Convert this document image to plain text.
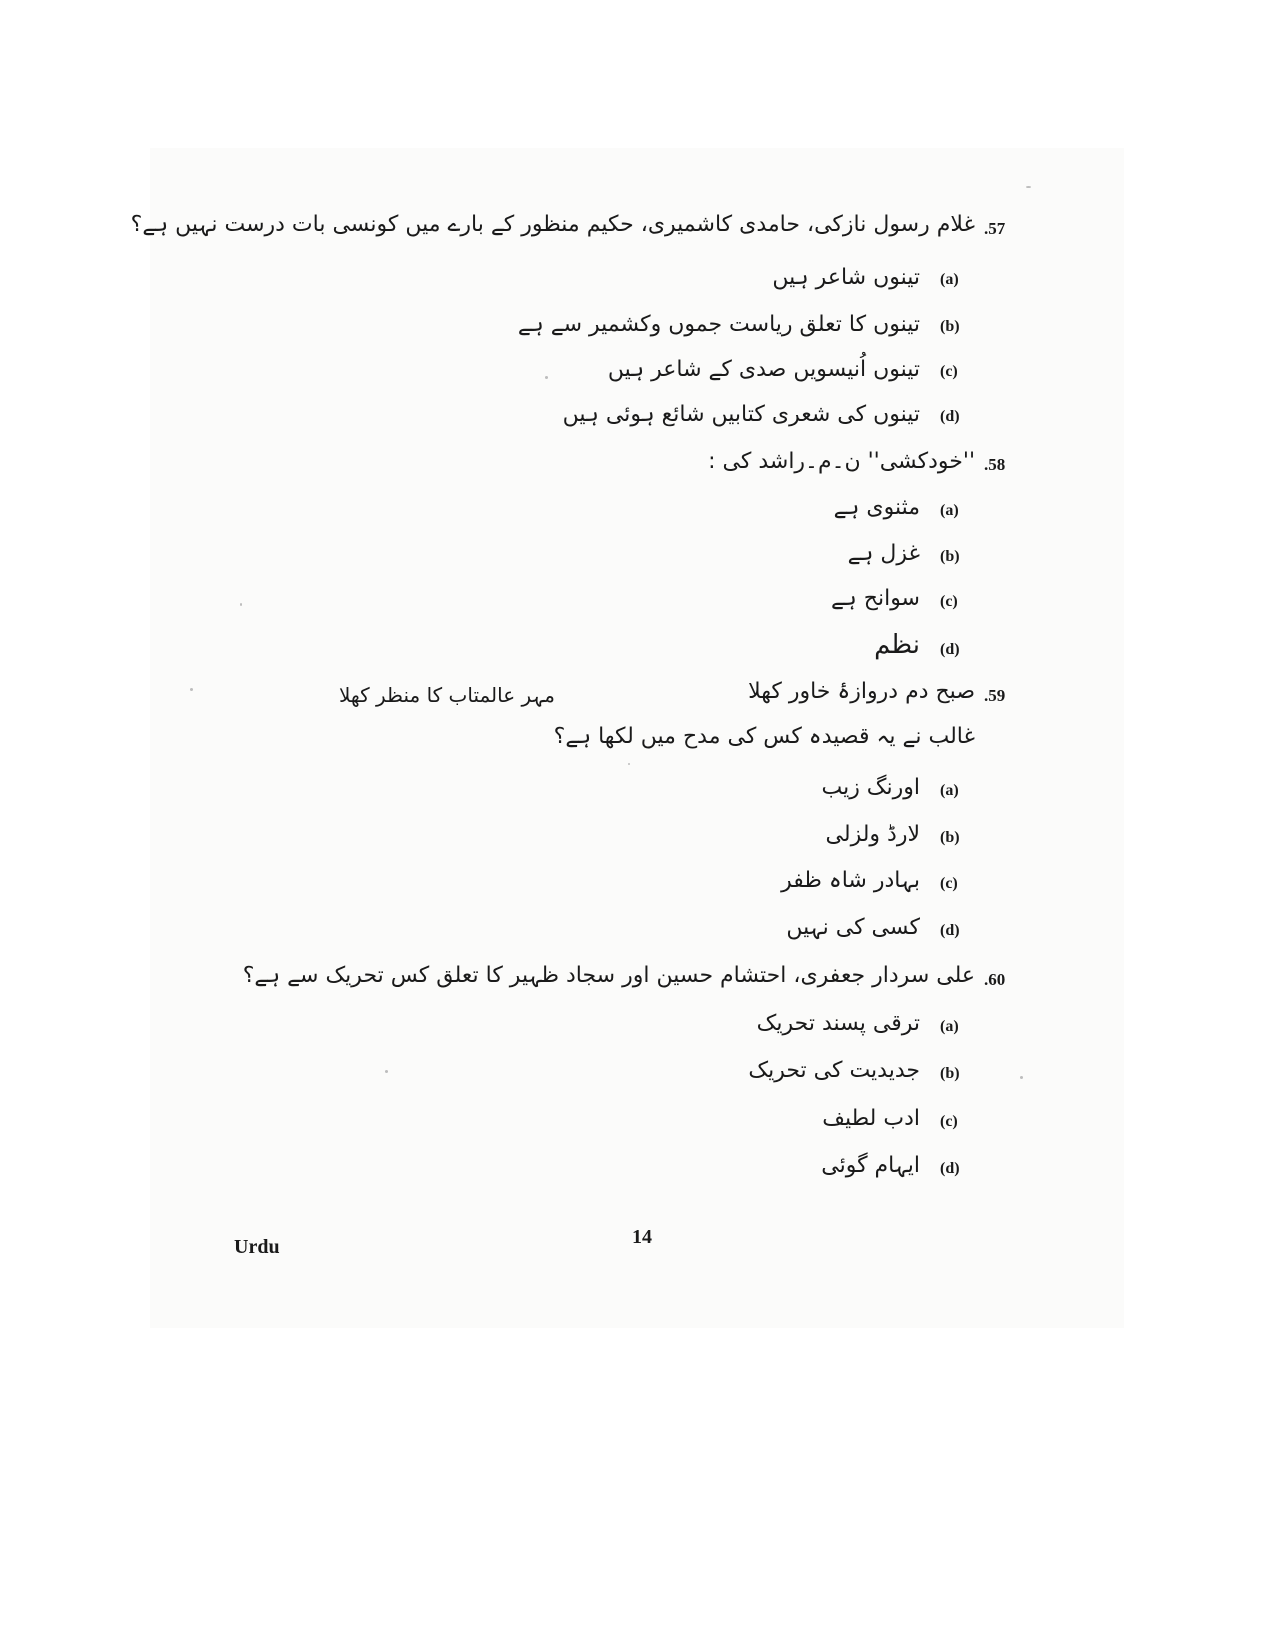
.57
غلام رسول نازکی، حامدی کاشمیری، حکیم منظور کے بارے میں کونسی بات درست نہیں ہے؟
(a)
تینوں شاعر ہیں
(b)
تینوں کا تعلق ریاست جموں وکشمیر سے ہے
(c)
تینوں اُنیسویں صدی کے شاعر ہیں
(d)
تینوں کی شعری کتابیں شائع ہوئی ہیں
.58
''خودکشی'' ن۔م۔راشد کی :
(a)
مثنوی ہے
(b)
غزل ہے
(c)
سوانح ہے
(d)
نظم
.59
صبح دم دروازۂ خاور کھلا
مہر عالمتاب کا منظر کھلا
غالب نے یہ قصیدہ کس کی مدح میں لکھا ہے؟
(a)
اورنگ زیب
(b)
لارڈ ولزلی
(c)
بہادر شاہ ظفر
(d)
کسی کی نہیں
.60
علی سردار جعفری، احتشام حسین اور سجاد ظہیر کا تعلق کس تحریک سے ہے؟
(a)
ترقی پسند تحریک
(b)
جدیدیت کی تحریک
(c)
ادب لطیف
(d)
ایہام گوئی
Urdu	14
